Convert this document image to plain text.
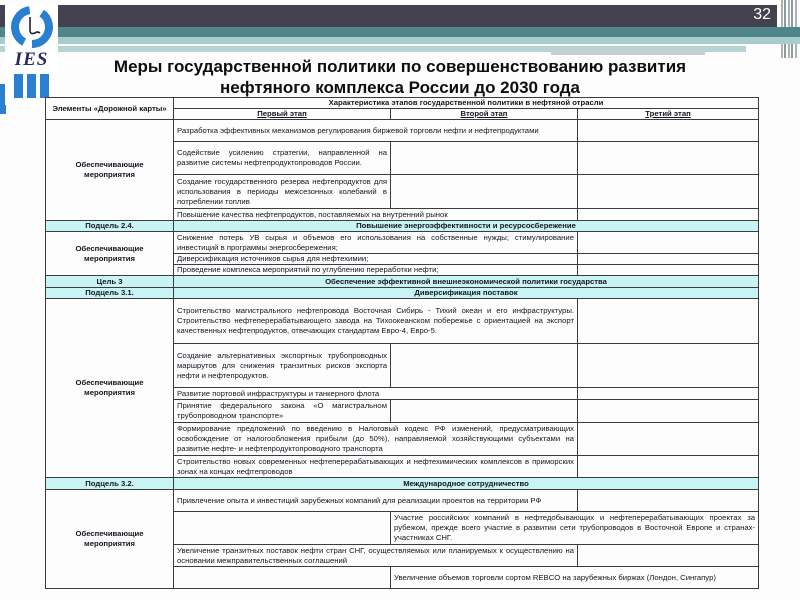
32
IES	Меры государственной политики по совершенствованию развития нефтяного комплекса России до 2030 года
Элементы «Дорожной карты»	Характеристика этапов государственной политики в нефтяной отрасли		
	Первый этап	Второй этап	Третий этап
Обеспечивающие мероприятия	Разработка эффективных механизмов регулирования биржевой торговли нефти и нефтепродуктами		
	Содействие усилению стратегии, направленной на развитие системы нефтепродуктопроводов России.		
	Создание государственного резерва нефтепродуктов для использования в периоды межсезонных колебаний в потреблении топлив		
	Повышение качества нефтепродуктов, поставляемых на внутренний рынок		
Подцель 2.4.	Повышение энергоэффективности и ресурсосбережение		
Обеспечивающие мероприятия	Снижение потерь УВ сырья и объемов его использования на собственные нужды; стимулирование инвестиций в программы энергосбережения;		
	Диверсификация источников сырья для нефтехимии;		
	Проведение комплекса мероприятий по углублению переработки нефти;		
Цель 3	Обеспечение эффективной внешнеэкономической политики государства		
Подцель 3.1.	Диверсификация поставок		
Обеспечивающие мероприятия	Строительство магистрального нефтепровода Восточная Сибирь - Тихий океан и его инфраструктуры. Строительство нефтеперерабатывающего завода на Тихоокеанском побережье с ориентацией на экспорт качественных нефтепродуктов, отвечающих стандартам Евро-4, Евро-5.		
	Создание альтернативных экспортных трубопроводных маршрутов для снижения транзитных рисков экспорта нефти и нефтепродуктов.		
	Развитие портовой инфраструктуры и танкерного флота		
	Принятие федерального закона «О магистральном трубопроводном транспорте»		
	Формирование предложений по введению в Налоговый кодекс РФ изменений, предусматривающих освобождение от налогообложения прибыли (до 50%), направляемой хозяйствующими субъектами на развитие нефте- и нефтепродуктопроводного транспорта		
	Строительство новых современных нефтеперерабатывающих и нефтехимических комплексов в приморских зонах на концах нефтепроводов		
Подцель 3.2.	Международное сотрудничество		
Обеспечивающие мероприятия	Привлечение опыта и инвестиций зарубежных компаний для реализации проектов на территории РФ		
		Участие российских компаний в нефтедобывающих и нефтеперерабатывающих проектах за рубежом, прежде всего участие в развитии сети трубопроводов в Восточной Европе и странах-участниках СНГ.	
	Увеличение транзитных поставок нефти стран СНГ, осуществляемых или планируемых к осуществлению на основании межправительственных соглашений		
		Увеличение объемов торговли сортом REBCO на зарубежных биржах (Лондон, Сингапур)	
